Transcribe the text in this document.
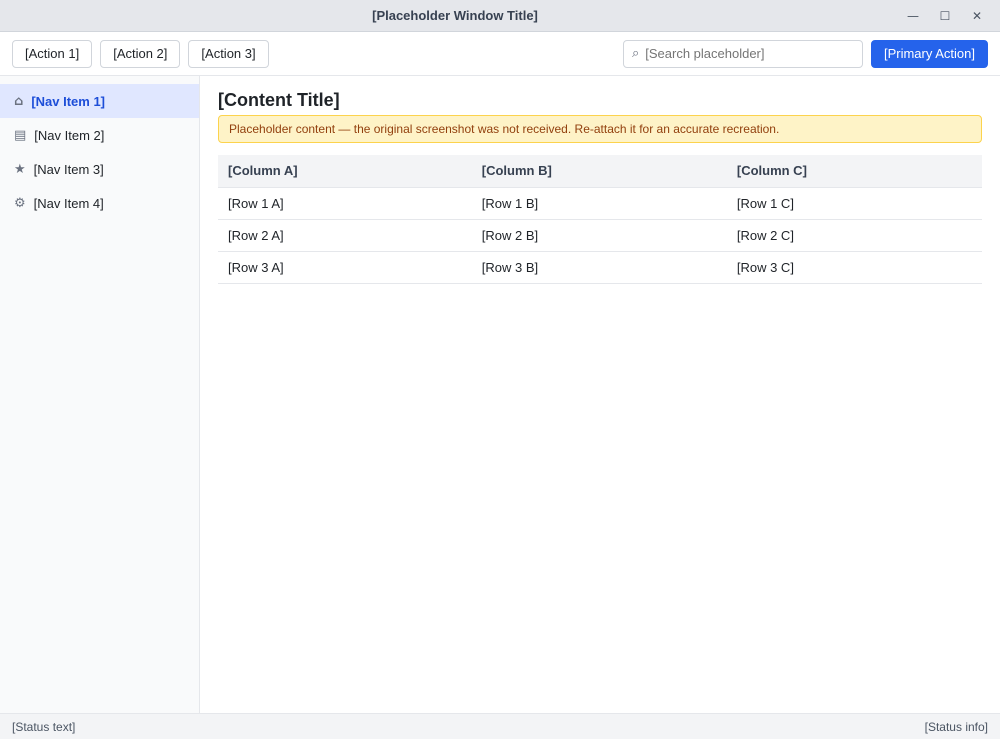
[Placeholder Window Title]	—	☐	✕
[Action 1]	[Action 2]	[Action 3]	⌕
[Search placeholder]	[Primary Action]
⌂ [Nav Item 1]
▤ [Nav Item 2]
★ [Nav Item 3]
⚙ [Nav Item 4]
[Content Title]
Placeholder content — the original screenshot was not received. Re-attach it for an accurate recreation.
[Column A]	[Column B]	[Column C]
[Row 1 A]	[Row 1 B]	[Row 1 C]
[Row 2 A]	[Row 2 B]	[Row 2 C]
[Row 3 A]	[Row 3 B]	[Row 3 C]
[Status text]	[Status info]
